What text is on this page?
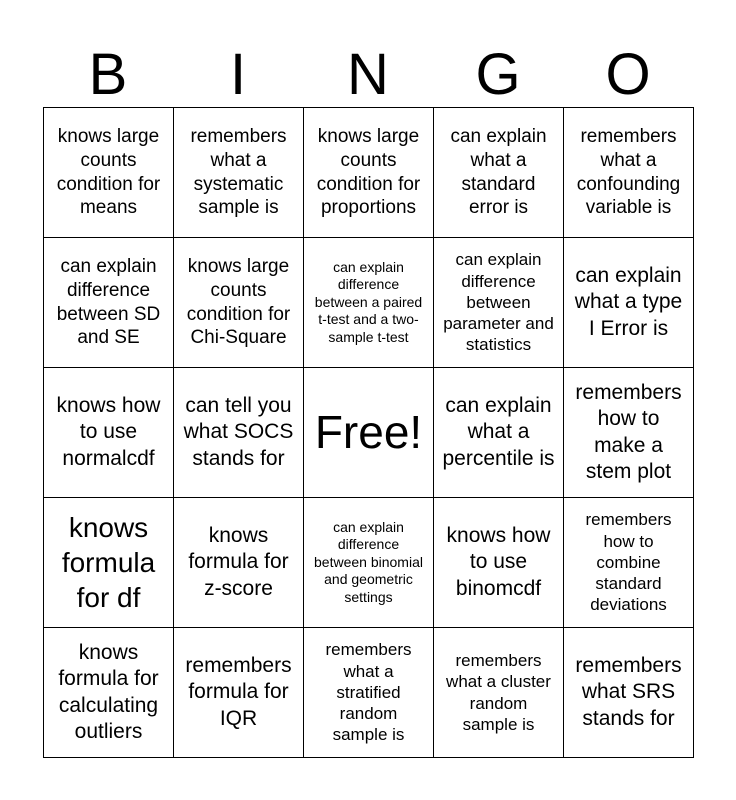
B	I	N	G	O
knows large counts condition for means	remembers what a systematic sample is	knows large counts condition for proportions	can explain what a standard error is	remembers what a confounding variable is
can explain difference between SD and SE	knows large counts condition for Chi-Square	can explain difference between a paired t-test and a two-sample t-test	can explain difference between parameter and statistics	can explain what a type I Error is
knows how to use normalcdf	can tell you what SOCS stands for	Free!	can explain what a percentile is	remembers how to make a stem plot
knows formula for df	knows formula for z-score	can explain difference between binomial and geometric settings	knows how to use binomcdf	remembers how to combine standard deviations
knows formula for calculating outliers	remembers formula for IQR	remembers what a stratified random sample is	remembers what a cluster random sample is	remembers what SRS stands for
